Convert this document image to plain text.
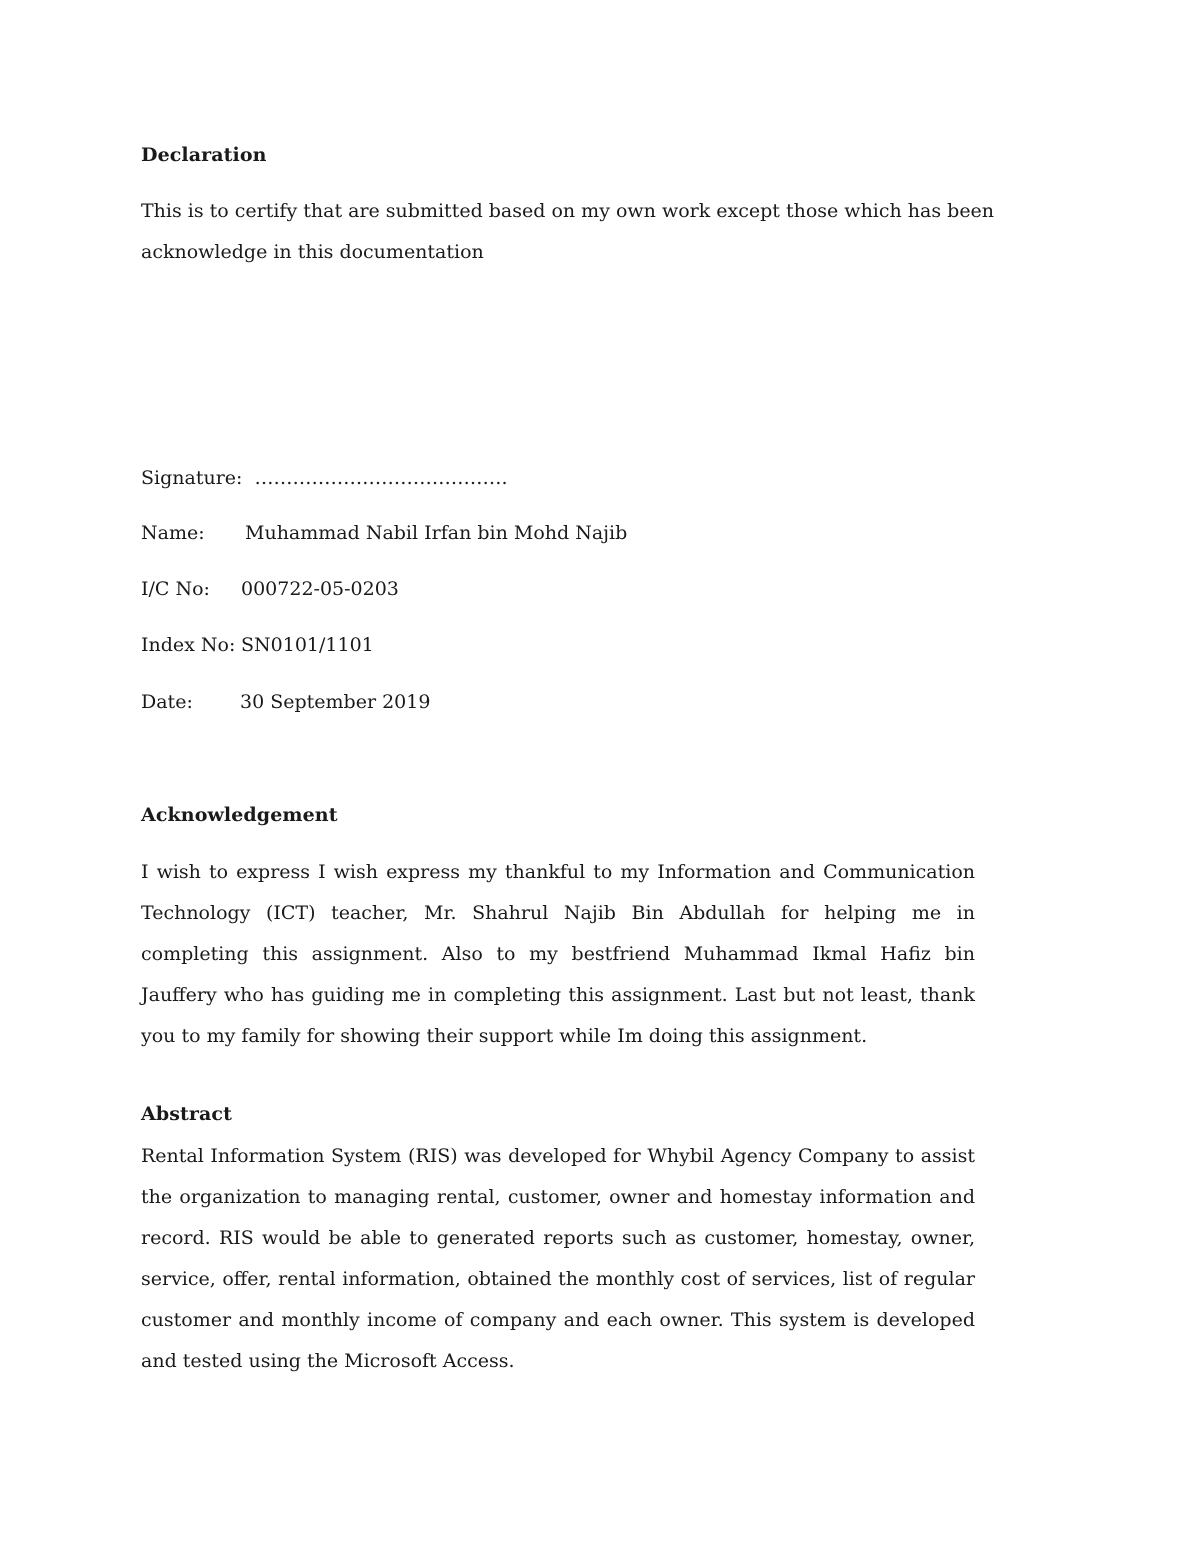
Declaration

This is to certify that are submitted based on my own work except those which has been acknowledge in this documentation

Signature: ………………………………….
Name: Muhammad Nabil Irfan bin Mohd Najib
I/C No: 000722-05-0203
Index No: SN0101/1101
Date: 30 September 2019
Acknowledgement

I wish to express I wish express my thankful to my Information and Communication Technology (ICT) teacher, Mr. Shahrul Najib Bin Abdullah for helping me in completing this assignment. Also to my bestfriend Muhammad Ikmal Hafiz bin Jauffery who has guiding me in completing this assignment. Last but not least, thank you to my family for showing their support while Im doing this assignment.

Abstract

Rental Information System (RIS) was developed for Whybil Agency Company to assist the organization to managing rental, customer, owner and homestay information and record. RIS would be able to generated reports such as customer, homestay, owner, service, offer, rental information, obtained the monthly cost of services, list of regular customer and monthly income of company and each owner. This system is developed and tested using the Microsoft Access.
